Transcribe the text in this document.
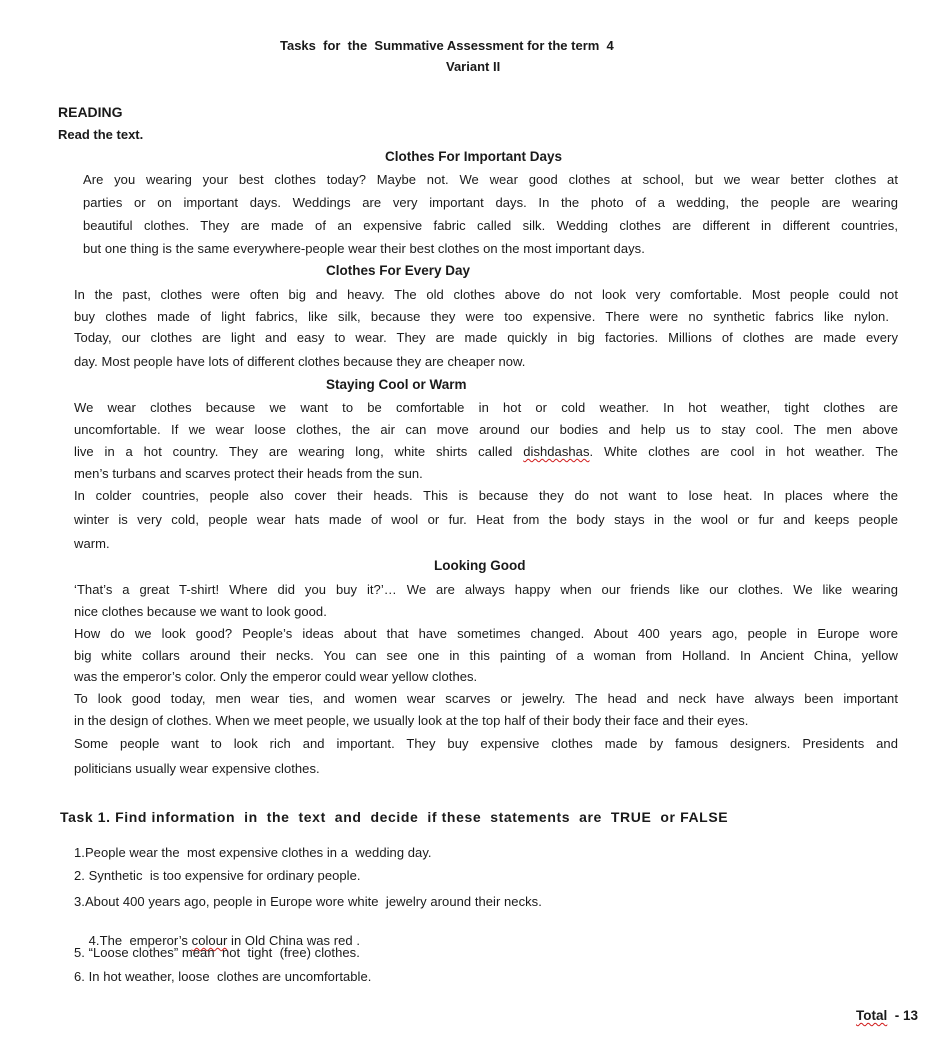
Tasks  for  the  Summative Assessment for the term  4
Variant II
READING
Read the text.
Clothes For Important Days
Are you wearing your best clothes today? Maybe not. We wear good clothes at school, but we wear better clothes at
parties or on important days. Weddings are very important days. In the photo of a wedding, the people are wearing
beautiful clothes. They are made of an expensive fabric called silk. Wedding clothes are different in different countries,
but one thing is the same everywhere-people wear their best clothes on the most important days.
Clothes For Every Day
In the past, clothes were often big and heavy. The old clothes above do not look very comfortable. Most people could not
buy clothes made of light fabrics, like silk, because they were too expensive. There were no synthetic fabrics like nylon.
Today, our clothes are light and easy to wear. They are made quickly in big factories. Millions of clothes are made every
day. Most people have lots of different clothes because they are cheaper now.
Staying Cool or Warm
We wear clothes because we want to be comfortable in hot or cold weather. In hot weather, tight clothes are
uncomfortable. If we wear loose clothes, the air can move around our bodies and help us to stay cool. The men above
live in a hot country. They are wearing long, white shirts called dishdashas. White clothes are cool in hot weather. The
men’s turbans and scarves protect their heads from the sun.
In colder countries, people also cover their heads. This is because they do not want to lose heat. In places where the
winter is very cold, people wear hats made of wool or fur. Heat from the body stays in the wool or fur and keeps people
warm.
Looking Good
‘That’s a great T-shirt! Where did you buy it?’… We are always happy when our friends like our clothes. We like wearing
nice clothes because we want to look good.
How do we look good? People’s ideas about that have sometimes changed. About 400 years ago, people in Europe wore
big white collars around their necks. You can see one in this painting of a woman from Holland. In Ancient China, yellow
was the emperor’s color. Only the emperor could wear yellow clothes.
To look good today, men wear ties, and women wear scarves or jewelry. The head and neck have always been important
in the design of clothes. When we meet people, we usually look at the top half of their body their face and their eyes.
Some people want to look rich and important. They buy expensive clothes made by famous designers. Presidents and
politicians usually wear expensive clothes.
Task 1. Find information  in  the  text  and  decide  if these  statements  are  TRUE  or FALSE
1.People wear the  most expensive clothes in a  wedding day.
2. Synthetic  is too expensive for ordinary people.
3.About 400 years ago, people in Europe wore white  jewelry around their necks.

4.The  emperor’s colour in Old China was red .

5. “Loose clothes” mean  not  tight  (free) clothes.
6. In hot weather, loose  clothes are uncomfortable.

Total  - 13
